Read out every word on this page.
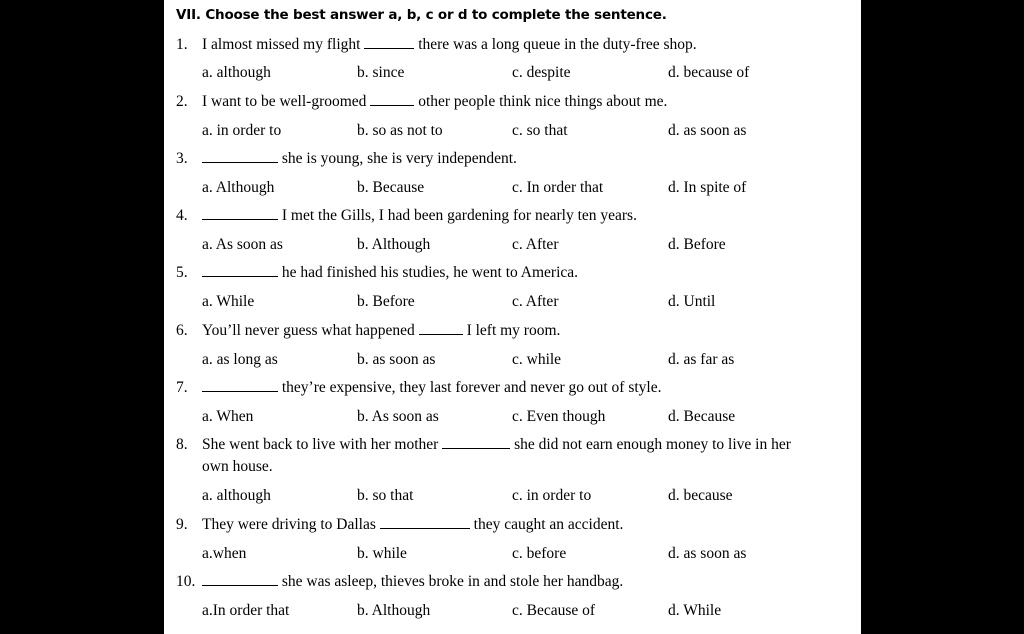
VII. Choose the best answer a, b, c or d to complete the sentence.
1. I almost missed my flight	there was a long queue in the duty-free shop.
a. although	b. since	c. despite	d. because of
2. I want to be well-groomed	other people think nice things about me.
a. in order to	b. so as not to	c. so that	d. as soon as
3.	she is young, she is very independent.
a. Although	b. Because	c. In order that	d. In spite of
4.	I met the Gills, I had been gardening for nearly ten years.
a. As soon as	b. Although	c. After	d. Before
5.	he had finished his studies, he went to America.
a. While	b. Before	c. After	d. Until
6. You’ll never guess what happened	I left my room.
a. as long as	b. as soon as	c. while	d. as far as
7.	they’re expensive, they last forever and never go out of style.
a. When	b. As soon as	c. Even though	d. Because
8. She went back to live with her mother	she did not earn enough money to live in her
own house.
a. although	b. so that	c. in order to	d. because
9. They were driving to Dallas	they caught an accident.
a.when	b. while	c. before	d. as soon as
10.	she was asleep, thieves broke in and stole her handbag.
a.In order that	b. Although	c. Because of	d. While
